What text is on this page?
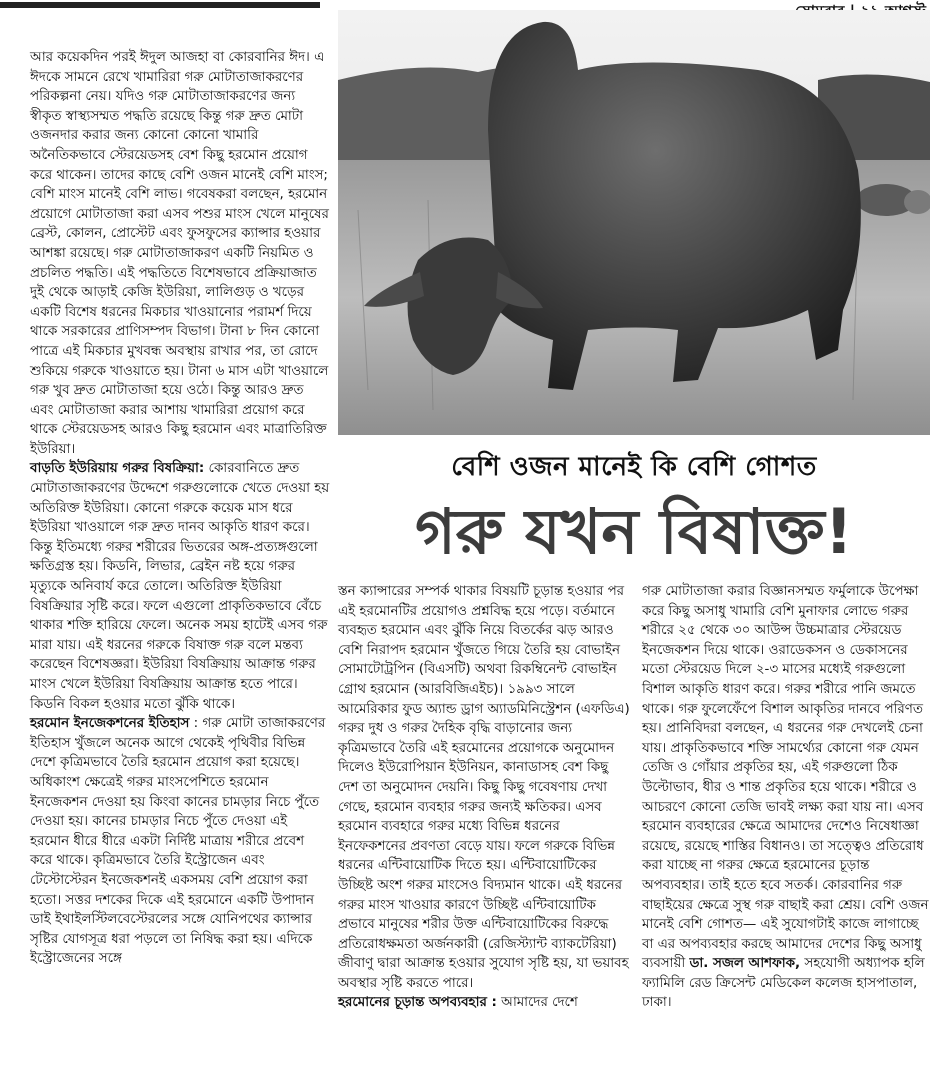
আর কয়েকদিন পরই ঈদুল আজহা বা কোরবানির ঈদ। এ ঈদকে সামনে রেখে খামারিরা গরু মোটাতাজাকরণের পরিকল্পনা নেয়। যদিও গরু মোটাতাজাকরণের জন্য স্বীকৃত স্বাস্থ্যসম্মত পদ্ধতি রয়েছে কিন্তু গরু দ্রুত মোটা ওজনদার করার জন্য কোনো কোনো খামারি অনৈতিকভাবে স্টেরয়েডসহ বেশ কিছু হরমোন প্রয়োগ করে থাকেন। তাদের কাছে বেশি ওজন মানেই বেশি মাংস; বেশি মাংস মানেই বেশি লাভ। গবেষকরা বলছেন, হরমোন প্রয়োগে মোটাতাজা করা এসব পশুর মাংস খেলে মানুষের ব্রেস্ট, কোলন, প্রোস্টেট এবং ফুসফুসের ক্যান্সার হওয়ার আশঙ্কা রয়েছে। গরু মোটাতাজাকরণ একটি নিয়মিত ও প্রচলিত পদ্ধতি। এই পদ্ধতিতে বিশেষভাবে প্রক্রিয়াজাত দুই থেকে আড়াই কেজি ইউরিয়া, লালিগুড় ও খড়ের একটি বিশেষ ধরনের মিকচার খাওয়ানোর পরামর্শ দিয়ে থাকে সরকারের প্রাণিসম্পদ বিভাগ। টানা ৮ দিন কোনো পাত্রে এই মিকচার মুখবন্ধ অবস্থায় রাখার পর, তা রোদে শুকিয়ে গরুকে খাওয়াতে হয়। টানা ৬ মাস এটা খাওয়ালে গরু খুব দ্রুত মোটাতাজা হয়ে ওঠে। কিন্তু আরও দ্রুত এবং মোটাতাজা করার আশায় খামারিরা প্রয়োগ করে থাকে স্টেরয়েডসহ আরও কিছু হরমোন এবং মাত্রাতিরিক্ত ইউরিয়া।

বাড়তি ইউরিয়ায় গরুর বিষক্রিয়া: কোরবানিতে দ্রুত মোটাতাজাকরণের উদ্দেশে গরুগুলোকে খেতে দেওয়া হয় অতিরিক্ত ইউরিয়া। কোনো গরুকে কয়েক মাস ধরে ইউরিয়া খাওয়ালে গরু দ্রুত দানব আকৃতি ধারণ করে। কিন্তু ইতিমধ্যে গরুর শরীরের ভিতরের অঙ্গ-প্রত্যঙ্গগুলো ক্ষতিগ্রস্ত হয়। কিডনি, লিভার, ব্রেইন নষ্ট হয়ে গরুর মৃত্যুকে অনিবার্য করে তোলে। অতিরিক্ত ইউরিয়া বিষক্রিয়ার সৃষ্টি করে। ফলে এগুলো প্রাকৃতিকভাবে বেঁচে থাকার শক্তি হারিয়ে ফেলে। অনেক সময় হাটেই এসব গরু মারা যায়। এই ধরনের গরুকে বিষাক্ত গরু বলে মন্তব্য করেছেন বিশেষজ্ঞরা। ইউরিয়া বিষক্রিয়ায় আক্রান্ত গরুর মাংস খেলে ইউরিয়া বিষক্রিয়ায় আক্রান্ত হতে পারে। কিডনি বিকল হওয়ার মতো ঝুঁকি থাকে।

হরমোন ইনজেকশনের ইতিহাস : গরু মোটা তাজাকরণের ইতিহাস খুঁজলে অনেক আগে থেকেই পৃথিবীর বিভিন্ন দেশে কৃত্রিমভাবে তৈরি হরমোন প্রয়োগ করা হয়েছে। অধিকাংশ ক্ষেত্রেই গরুর মাংসপেশিতে হরমোন ইনজেকশন দেওয়া হয় কিংবা কানের চামড়ার নিচে পুঁতে দেওয়া হয়। কানের চামড়ার নিচে পুঁতে দেওয়া এই হরমোন ধীরে ধীরে একটা নির্দিষ্ট মাত্রায় শরীরে প্রবেশ করে থাকে। কৃত্রিমভাবে তৈরি ইস্ট্রোজেন এবং টেস্টোস্টেরন ইনজেকশনই একসময় বেশি প্রয়োগ করা হতো। সত্তর দশকের দিকে এই হরমোনে একটি উপাদান ডাই ইথাইলস্টিলবেস্টেরলের সঙ্গে যোনিপথের ক্যান্সার সৃষ্টির যোগসূত্র ধরা পড়লে তা নিষিদ্ধ করা হয়। এদিকে ইস্ট্রোজেনের সঙ্গে

বেশি ওজন মানেই কি বেশি গোশত
গরু যখন বিষাক্ত!

স্তন ক্যান্সারের সম্পর্ক থাকার বিষয়টি চূড়ান্ত হওয়ার পর এই হরমোনটির প্রয়োগও প্রশ্নবিদ্ধ হয়ে পড়ে। বর্তমানে ব্যবহৃত হরমোন এবং ঝুঁকি নিয়ে বিতর্কের ঝড় আরও বেশি নিরাপদ হরমোন খুঁজতে গিয়ে তৈরি হয় বোভাইন সোমাটোট্রপিন (বিএসটি) অথবা রিকম্বিনেন্ট বোভাইন গ্রোথ হরমোন (আরবিজিএইচ)। ১৯৯৩ সালে আমেরিকার ফুড অ্যান্ড ড্রাগ অ্যাডমিনিস্ট্রেশন (এফডিএ) গরুর দুধ ও গরুর দৈহিক বৃদ্ধি বাড়ানোর জন্য কৃত্রিমভাবে তৈরি এই হরমোনের প্রয়োগকে অনুমোদন দিলেও ইউরোপিয়ান ইউনিয়ন, কানাডাসহ বেশ কিছু দেশ তা অনুমোদন দেয়নি। কিছু কিছু গবেষণায় দেখা গেছে, হরমোন ব্যবহার গরুর জন্যই ক্ষতিকর। এসব হরমোন ব্যবহারে গরুর মধ্যে বিভিন্ন ধরনের ইনফেকশনের প্রবণতা বেড়ে যায়। ফলে গরুকে বিভিন্ন ধরনের এন্টিবায়োটিক দিতে হয়। এন্টিবায়োটিকের উচ্ছিষ্ট অংশ গরুর মাংসেও বিদ্যমান থাকে। এই ধরনের গরুর মাংস খাওয়ার কারণে উচ্ছিষ্ট এন্টিবায়োটিক প্রভাবে মানুষের শরীর উক্ত এন্টিবায়োটিকের বিরুদ্ধে প্রতিরোধক্ষমতা অর্জনকারী (রেজিস্ট্যান্ট ব্যাকটেরিয়া) জীবাণু দ্বারা আক্রান্ত হওয়ার সুযোগ সৃষ্টি হয়, যা ভয়াবহ অবস্থার সৃষ্টি করতে পারে।

হরমোনের চূড়ান্ত অপব্যবহার : আমাদের দেশে

গরু মোটাতাজা করার বিজ্ঞানসম্মত ফর্মুলাকে উপেক্ষা করে কিছু অসাধু খামারি বেশি মুনাফার লোভে গরুর শরীরে ২৫ থেকে ৩০ আউন্স উচ্চমাত্রার স্টেরয়েড ইনজেকশন দিয়ে থাকে। ওরাডেকসন ও ডেকাসনের মতো স্টেরয়েড দিলে ২-৩ মাসের মধ্যেই গরুগুলো বিশাল আকৃতি ধারণ করে। গরুর শরীরে পানি জমতে থাকে। গরু ফুলেফেঁপে বিশাল আকৃতির দানবে পরিণত হয়। প্রানিবিদরা বলছেন, এ ধরনের গরু দেখলেই চেনা যায়। প্রাকৃতিকভাবে শক্তি সামর্থ্যের কোনো গরু যেমন তেজি ও গোঁয়ার প্রকৃতির হয়, এই গরুগুলো ঠিক উল্টোভাব, ধীর ও শান্ত প্রকৃতির হয়ে থাকে। শরীরে ও আচরণে কোনো তেজি ভাবই লক্ষ্য করা যায় না। এসব হরমোন ব্যবহারের ক্ষেত্রে আমাদের দেশেও নিষেধাজ্ঞা রয়েছে, রয়েছে শাস্তির বিধানও। তা সত্ত্বেও প্রতিরোধ করা যাচ্ছে না গরুর ক্ষেত্রে হরমোনের চূড়ান্ত অপব্যবহার। তাই হতে হবে সতর্ক। কোরবানির গরু বাছাইয়ের ক্ষেত্রে সুস্থ গরু বাছাই করা শ্রেয়। বেশি ওজন মানেই বেশি গোশত— এই সুযোগটাই কাজে লাগাচ্ছে বা এর অপব্যবহার করছে আমাদের দেশের কিছু অসাধু ব্যবসায়ী ডা. সজল আশফাক, সহযোগী অধ্যাপক হলি ফ্যামিলি রেড ক্রিসেন্ট মেডিকেল কলেজ হাসপাতাল, ঢাকা।
